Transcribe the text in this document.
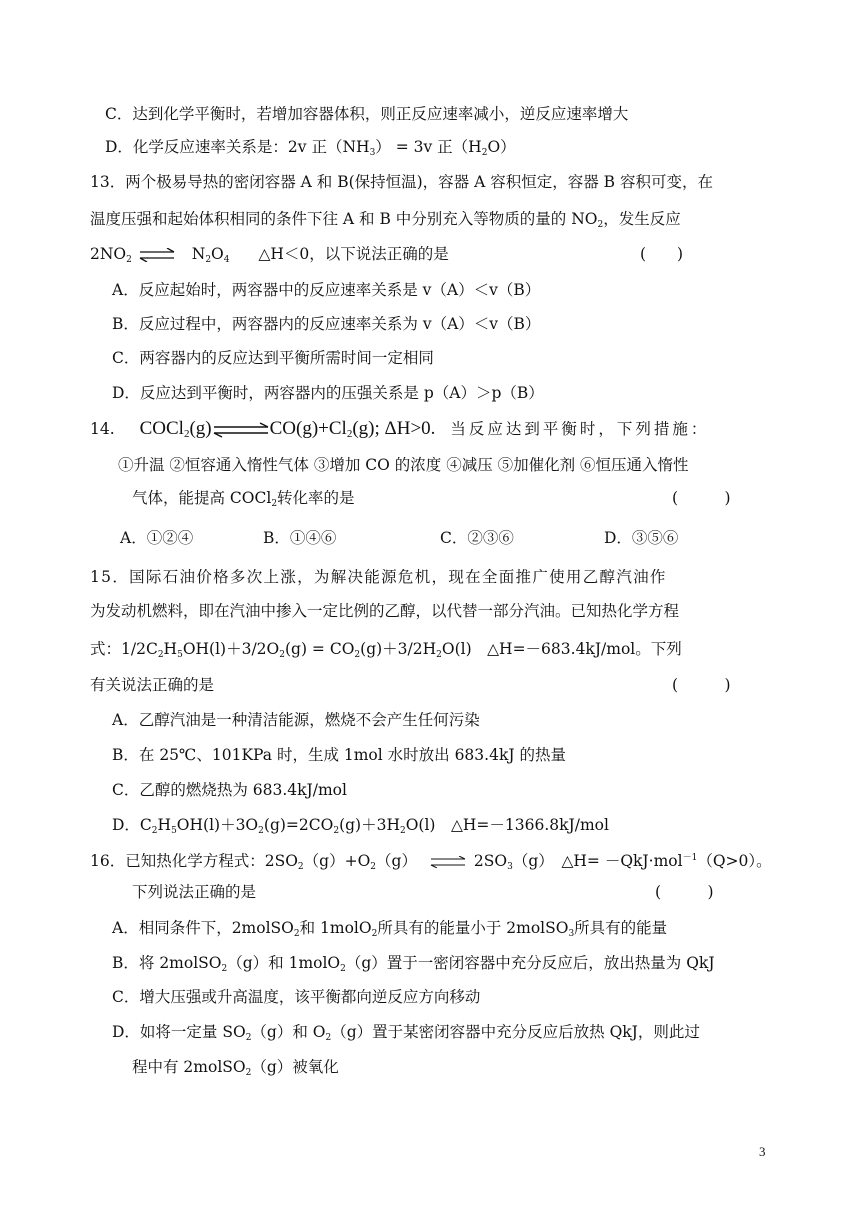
C．达到化学平衡时，若增加容器体积，则正反应速率减小，逆反应速率增大
D．化学反应速率关系是：2v 正$(NH_3) = 3v$ 正$(H_2O)$
13．两个极易导热的密闭容器 A 和 B(保持恒温)，容器 A 容积恒定，容器 B 容积可变，在
温度压强和起始体积相同的条件下往 A 和 B 中分别充入等物质的量的 $NO_2$，发生反应
$2NO_2$ ⇌ $N_2O_4$ △H＜0，以下说法正确的是	(　　)
A．反应起始时，两容器中的反应速率关系是 v（A）＜v（B）
B．反应过程中，两容器内的反应速率关系为 v（A）＜v（B）
C．两容器内的反应达到平衡所需时间一定相同
D．反应达到平衡时，两容器内的压强关系是 p（A）＞p（B）
14. $COCl_2(g)\rightleftharpoons CO(g)+Cl_2(g)$; ΔH>0. 当反应达到平衡时，下列措施：
①升温 ②恒容通入惰性气体 ③增加 CO 的浓度 ④减压 ⑤加催化剂 ⑥恒压通入惰性
气体，能提高 COCl$_2$转化率的是	(　　　)
A．①②④	B．①④⑥	C．②③⑥	D．③⑤⑥
15．国际石油价格多次上涨，为解决能源危机，现在全面推广使用乙醇汽油作
为发动机燃料，即在汽油中掺入一定比例的乙醇，以代替一部分汽油。已知热化学方程
式：$1/2C_2H_5OH(l)+3/2O_2(g) = CO_2(g)+3/2H_2O(l)$　△H=－683.4kJ/mol。下列
有关说法正确的是	(　　　)
A．乙醇汽油是一种清洁能源，燃烧不会产生任何污染
B．在 25℃、101KPa 时，生成 1mol 水时放出 683.4kJ 的热量
C．乙醇的燃烧热为 683.4kJ/mol
D．$C_2H_5OH(l)+3O_2(g)=2CO_2(g)+3H_2O(l)$　△H=－1366.8kJ/mol
16．已知热化学方程式：$2SO_2(g)+O_2(g)$ ⇌ $2SO_3(g)$　△H= －QkJ·mol$^{-1}$（Q>0）。
下列说法正确的是	(　　　)
A．相同条件下，2molSO$_2$和 1molO$_2$所具有的能量小于 2molSO$_3$所具有的能量
B．将 2molSO$_2$（g）和 1molO$_2$（g）置于一密闭容器中充分反应后，放出热量为 QkJ
C．增大压强或升高温度，该平衡都向逆反应方向移动
D．如将一定量 $SO_2(g)$和 $O_2(g)$置于某密闭容器中充分反应后放热 QkJ，则此过
程中有 2molSO$_2$（g）被氧化
3
